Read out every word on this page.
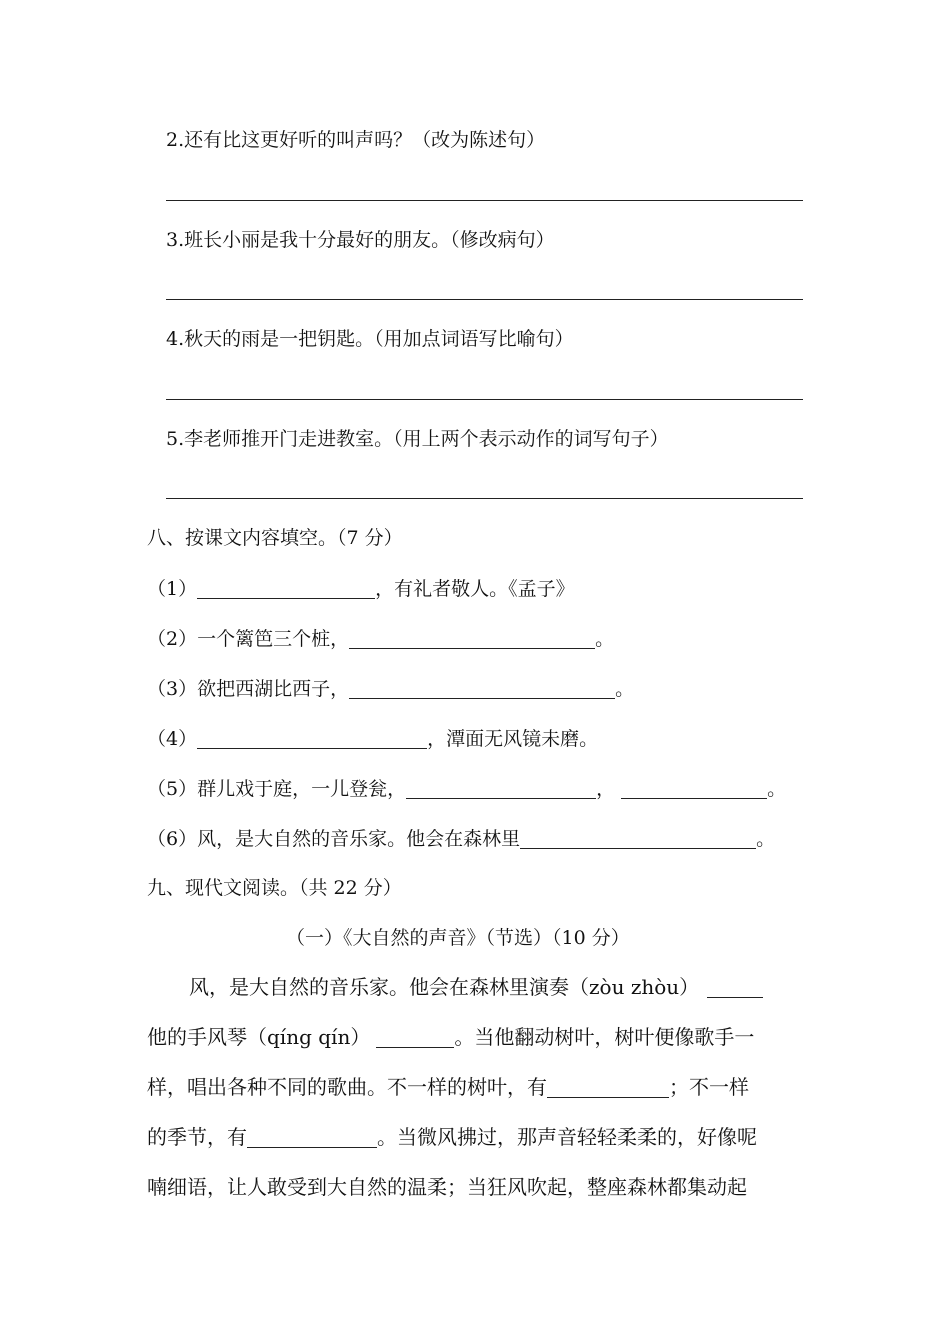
2.还有比这更好听的叫声吗？（改为陈述句）
3.班长小丽是我十分最好的朋友。（修改病句）
4.秋天的雨是一把钥匙。（用加点词语写比喻句）
5.李老师推开门走进教室。（用上两个表示动作的词写句子）
八、按课文内容填空。（7 分）
（1）	，有礼者敬人。《孟子》
（2）一个篱笆三个桩，	。
（3）欲把西湖比西子，	。
（4）	，潭面无风镜未磨。
（5）群儿戏于庭，一儿登瓮，	，	。
（6）风，是大自然的音乐家。他会在森林里	。
九、现代文阅读。（共 22 分）
（一）《大自然的声音》（节选）（10 分）
风，是大自然的音乐家。他会在森林里演奏（zòu zhòu）
他的手风琴（qíng qín）	。当他翻动树叶，树叶便像歌手一
样，唱出各种不同的歌曲。不一样的树叶，有	；不一样
的季节，有	。当微风拂过，那声音轻轻柔柔的，好像呢
喃细语，让人敢受到大自然的温柔；当狂风吹起，整座森林都集动起
